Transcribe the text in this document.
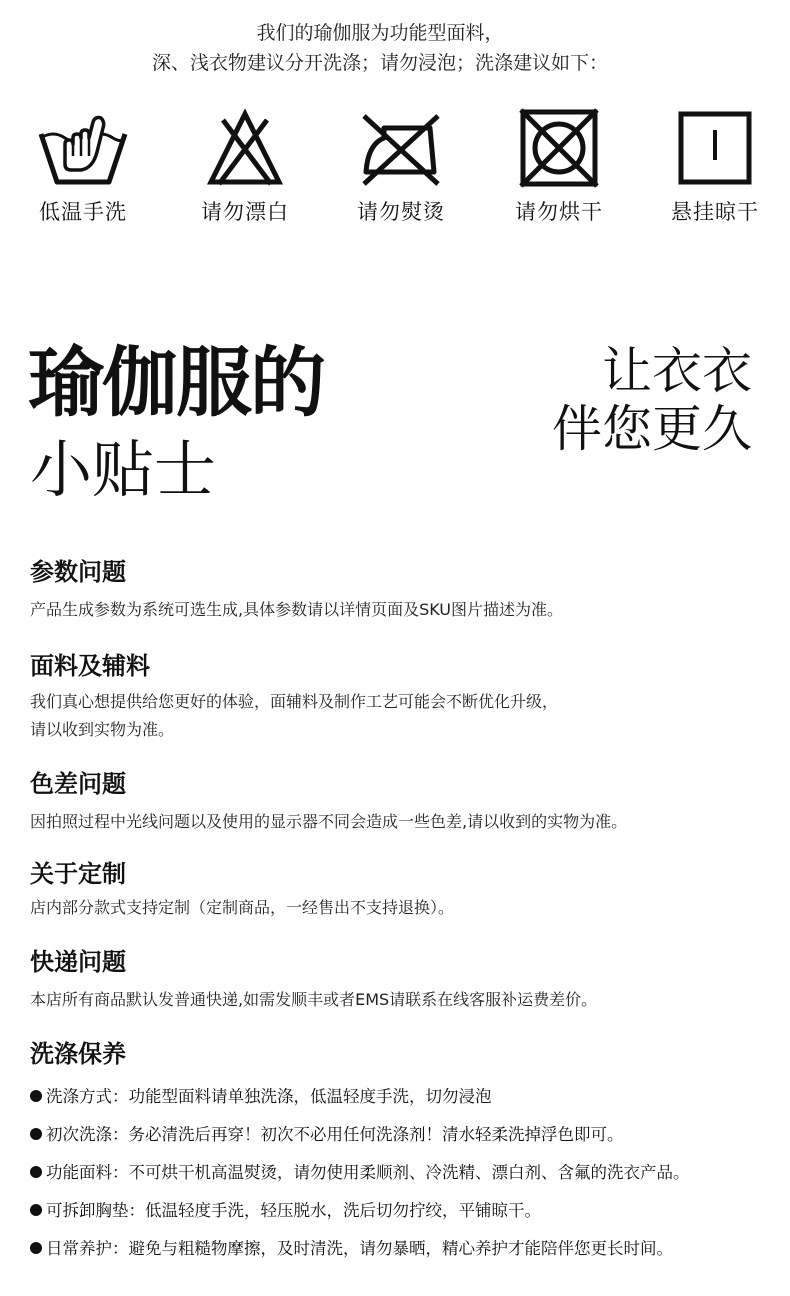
我们的瑜伽服为功能型面料，
深、浅衣物建议分开洗涤；请勿浸泡；洗涤建议如下：
低温手洗	请勿漂白	请勿熨烫	请勿烘干	悬挂晾干
瑜伽服的
小贴士
让衣衣
伴您更久
参数问题

产品生成参数为系统可选生成,具体参数请以详情页面及SKU图片描述为准。

面料及辅料

我们真心想提供给您更好的体验，面辅料及制作工艺可能会不断优化升级，
请以收到实物为准。

色差问题

因拍照过程中光线问题以及使用的显示器不同会造成一些色差,请以收到的实物为准。

关于定制

店内部分款式支持定制（定制商品，一经售出不支持退换）。

快递问题

本店所有商品默认发普通快递,如需发顺丰或者EMS请联系在线客服补运费差价。

洗涤保养
洗涤方式：功能型面料请单独洗涤，低温轻度手洗，切勿浸泡
初次洗涤：务必清洗后再穿！初次不必用任何洗涤剂！清水轻柔洗掉浮色即可。
功能面料：不可烘干机高温熨烫，请勿使用柔顺剂、冷洗精、漂白剂、含氟的洗衣产品。
可拆卸胸垫：低温轻度手洗，轻压脱水，洗后切勿拧绞，平铺晾干。
日常养护：避免与粗糙物摩擦，及时清洗，请勿暴晒，精心养护才能陪伴您更长时间。
